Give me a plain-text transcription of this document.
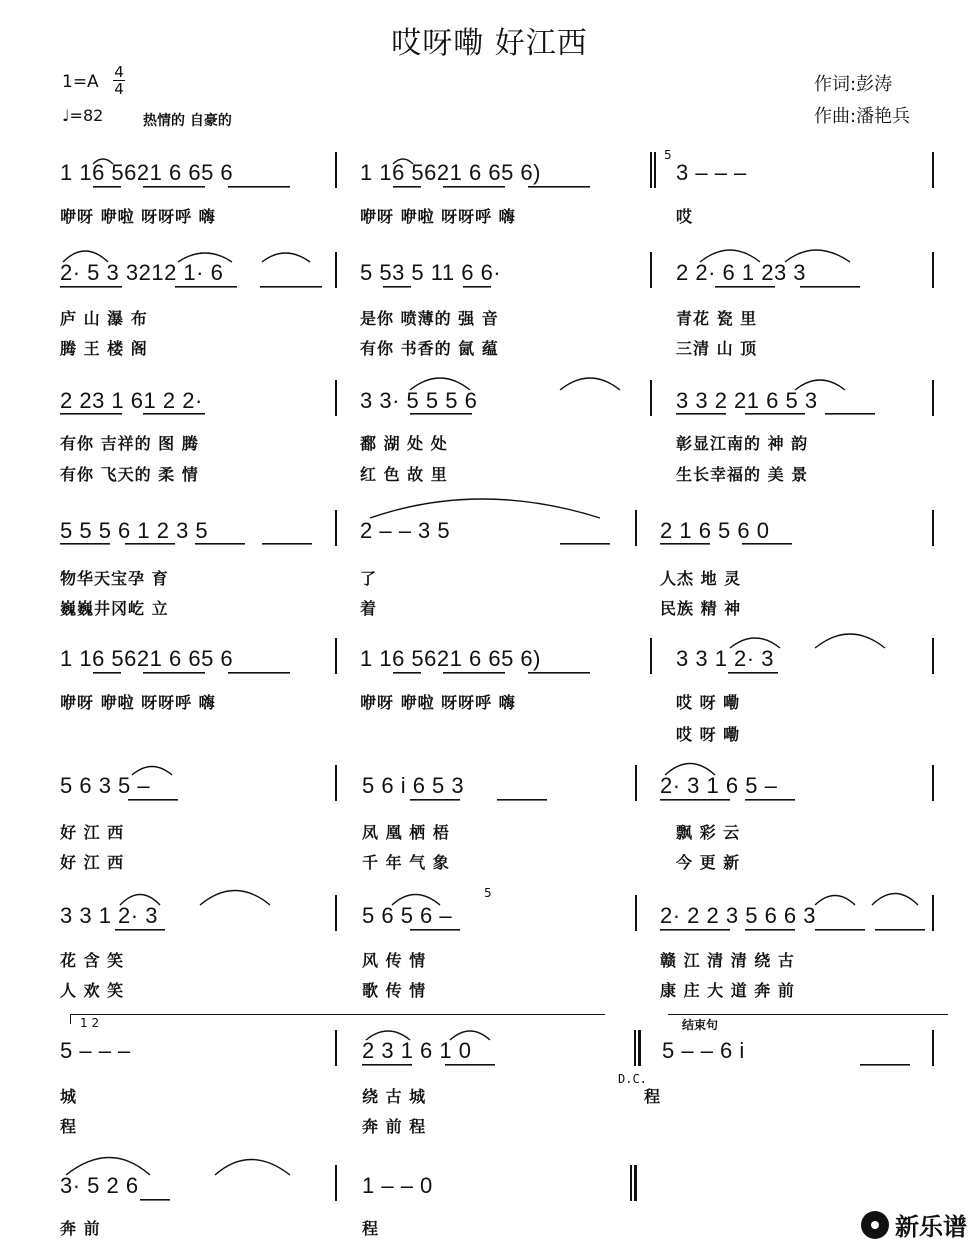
哎呀嘞 好江西
作词:彭涛
作曲:潘艳兵
1=A 4
4
♩=82	热情的 自豪的
1 16 5621 6 65 6	1 16 5621 6 65 6)	3 – – –
5
咿呀 咿啦 呀呀呼 嗨	咿呀 咿啦 呀呀呼 嗨	哎
2· 5 3 3212 1· 6	5 53 5 11 6 6·	2 2· 6 1 23 3
庐 山 瀑 布	是你 喷薄的 强 音	青花 瓷 里
腾 王 楼 阁	有你 书香的 氤 蕴	三清 山 顶
2 23 1 61 2 2·	3 3· 5 5 5 6	3 3 2 21 6 5 3
有你 吉祥的 图 腾	鄱 湖 处 处	彰显江南的 神 韵
有你 飞天的 柔 情	红 色 故 里	生长幸福的 美 景
5 5 5 6 1 2 3 5	2 – – 3 5	2 1 6 5 6 0
物华天宝孕 育	了	人杰 地 灵
巍巍井冈屹 立	着	民族 精 神
1 16 5621 6 65 6	1 16 5621 6 65 6)	3 3 1 2· 3
咿呀 咿啦 呀呀呼 嗨	咿呀 咿啦 呀呀呼 嗨	哎 呀 嘞
哎 呀 嘞
5 6 3 5 –	5 6 i 6 5 3	2· 3 1 6 5 –
好 江 西	凤 凰 栖 梧	飘 彩 云
好 江 西	千 年 气 象	今 更 新
3 3 1 2· 3	5 6 5 6 –	2· 2 2 3 5 6 6 3
5
花 含 笑	风 传 情	赣 江 清 清 绕 古
人 欢 笑	歌 传 情	康 庄 大 道 奔 前
1 2	结束句
5 – – –	2 3 1 6 1 0	5 – – 6 i
D.C.
城	绕 古 城	程
程	奔 前 程
3· 5 2 6	1 – – 0
奔 前	程	新乐谱
